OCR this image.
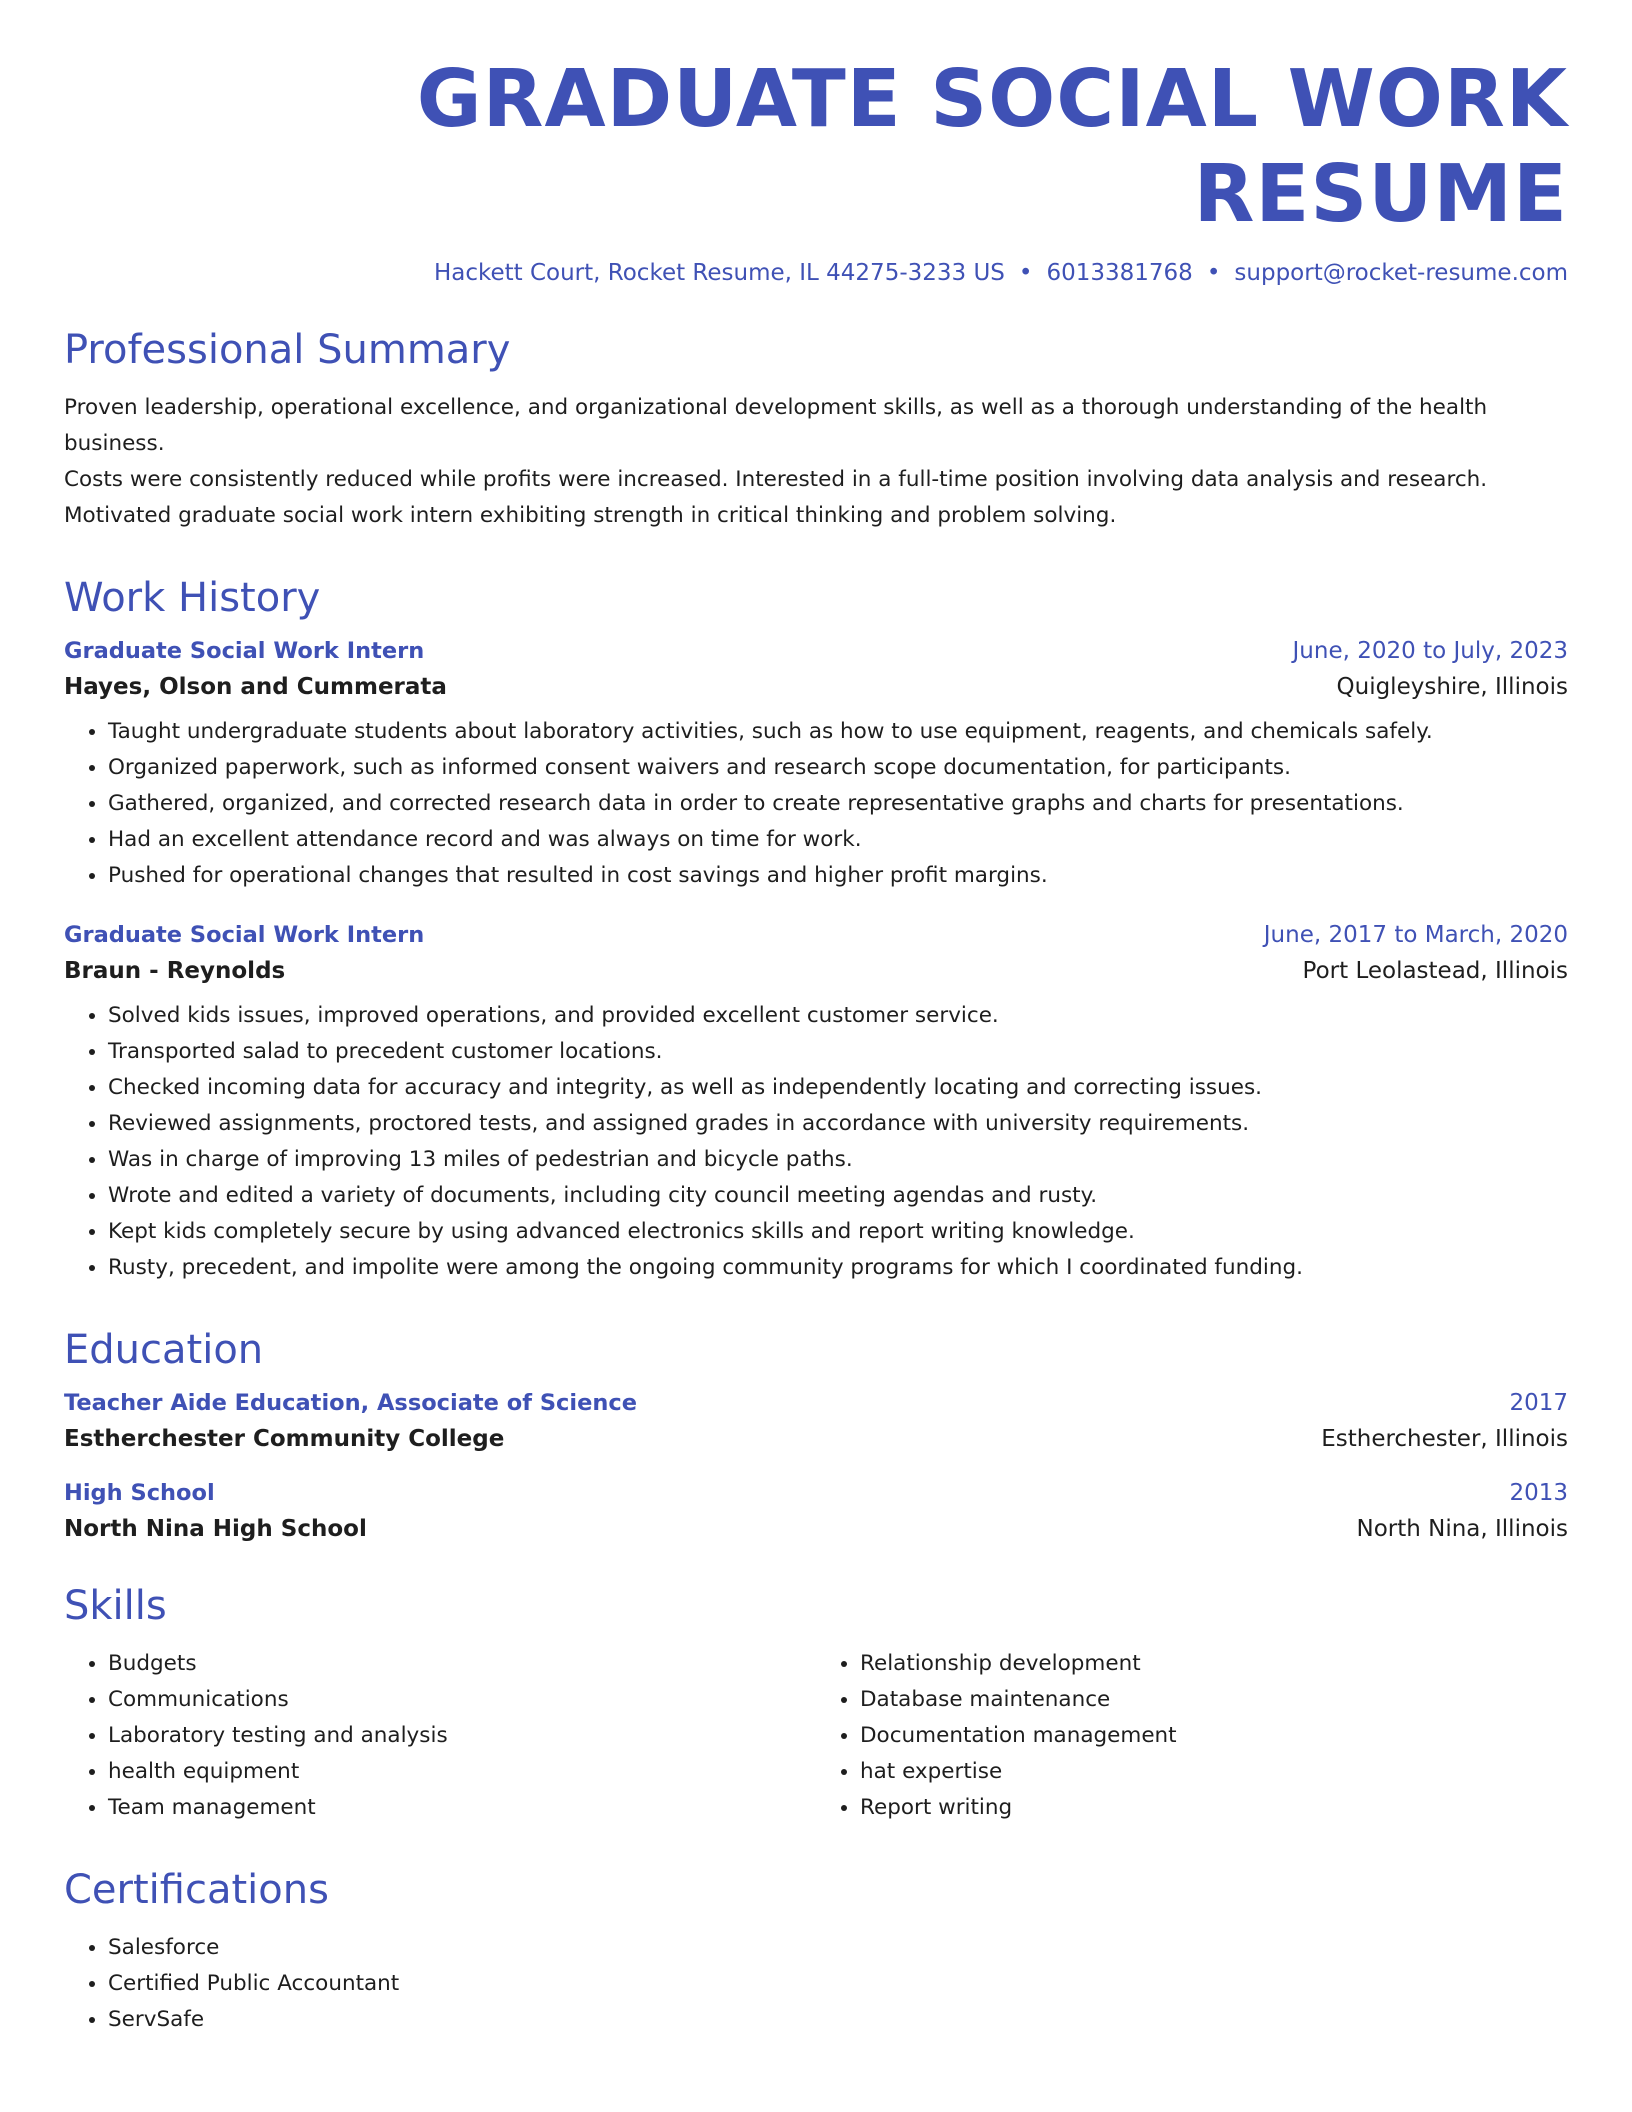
GRADUATE SOCIAL WORK RESUME
Hackett Court, Rocket Resume, IL 44275-3233 US • 6013381768 • support@rocket-resume.com
Professional Summary

Proven leadership, operational excellence, and organizational development skills, as well as a thorough understanding of the health business.
Costs were consistently reduced while profits were increased. Interested in a full-time position involving data analysis and research.
Motivated graduate social work intern exhibiting strength in critical thinking and problem solving.

Work History
Graduate Social Work Intern	June, 2020 to July, 2023
Hayes, Olson and Cummerata	Quigleyshire, Illinois
• Taught undergraduate students about laboratory activities, such as how to use equipment, reagents, and chemicals safely.
• Organized paperwork, such as informed consent waivers and research scope documentation, for participants.
• Gathered, organized, and corrected research data in order to create representative graphs and charts for presentations.
• Had an excellent attendance record and was always on time for work.
• Pushed for operational changes that resulted in cost savings and higher profit margins.
Graduate Social Work Intern	June, 2017 to March, 2020
Braun - Reynolds	Port Leolastead, Illinois
• Solved kids issues, improved operations, and provided excellent customer service.
• Transported salad to precedent customer locations.
• Checked incoming data for accuracy and integrity, as well as independently locating and correcting issues.
• Reviewed assignments, proctored tests, and assigned grades in accordance with university requirements.
• Was in charge of improving 13 miles of pedestrian and bicycle paths.
• Wrote and edited a variety of documents, including city council meeting agendas and rusty.
• Kept kids completely secure by using advanced electronics skills and report writing knowledge.
• Rusty, precedent, and impolite were among the ongoing community programs for which I coordinated funding.
Education
Teacher Aide Education, Associate of Science	2017
Estherchester Community College	Estherchester, Illinois
High School	2013
North Nina High School	North Nina, Illinois
Skills
• Budgets
• Communications
• Laboratory testing and analysis
• health equipment
• Team management
• Relationship development
• Database maintenance
• Documentation management
• hat expertise
• Report writing
Certifications
• Salesforce
• Certified Public Accountant
• ServSafe
